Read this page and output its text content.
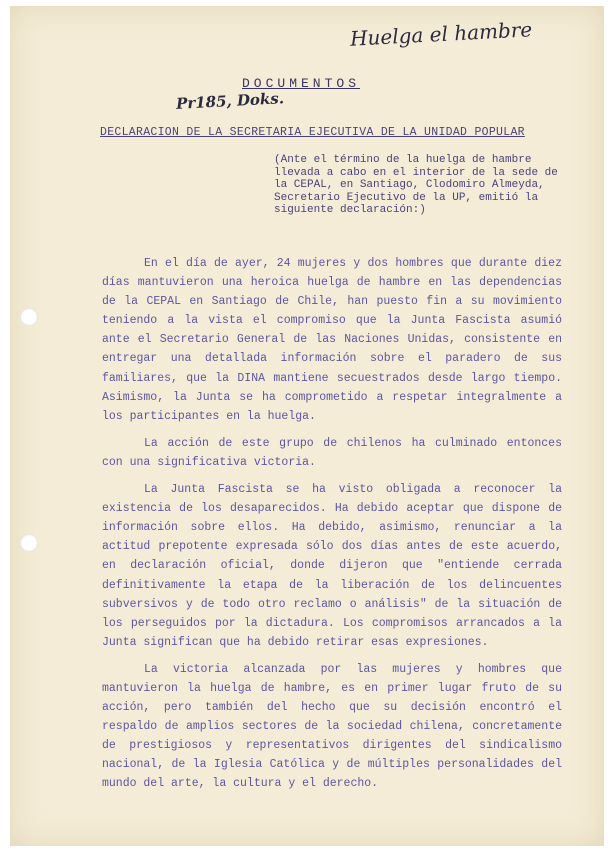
Huelga el hambre
Pr185, Doks.
DOCUMENTOS
DECLARACION DE LA SECRETARIA EJECUTIVA DE LA UNIDAD POPULAR
(Ante el término de la huelga de hambre llevada a cabo en el interior de la sede de la CEPAL, en Santiago, Clodomiro Almeyda, Secretario Ejecutivo de la UP, emitió la siguiente declaración:)

En el día de ayer, 24 mujeres y dos hombres que durante diez días mantuvieron una heroica huelga de hambre en las dependencias de la CEPAL en Santiago de Chile, han puesto fin a su movimiento teniendo a la vista el compromiso que la Junta Fascista asumió ante el Secretario General de las Naciones Unidas, consistente en entregar una detallada información sobre el paradero de sus familiares, que la DINA mantiene secuestrados desde largo tiempo. Asimismo, la Junta se ha comprometido a respetar integralmente a los participantes en la huelga.

La acción de este grupo de chilenos ha culminado entonces con una significativa victoria.

La Junta Fascista se ha visto obligada a reconocer la existencia de los desaparecidos. Ha debido aceptar que dispone de información sobre ellos. Ha debido, asimismo, renunciar a la actitud prepotente expresada sólo dos días antes de este acuerdo, en declaración oficial, donde dijeron que "entiende cerrada definitivamente la etapa de la liberación de los delincuentes subversivos y de todo otro reclamo o análisis" de la situación de los perseguidos por la dictadura. Los compromisos arrancados a la Junta significan que ha debido retirar esas expresiones.

La victoria alcanzada por las mujeres y hombres que mantuvieron la huelga de hambre, es en primer lugar fruto de su acción, pero también del hecho que su decisión encontró el respaldo de amplios sectores de la sociedad chilena, concretamente de prestigiosos y representativos dirigentes del sindicalismo nacional, de la Iglesia Católica y de múltiples personalidades del mundo del arte, la cultura y el derecho.
